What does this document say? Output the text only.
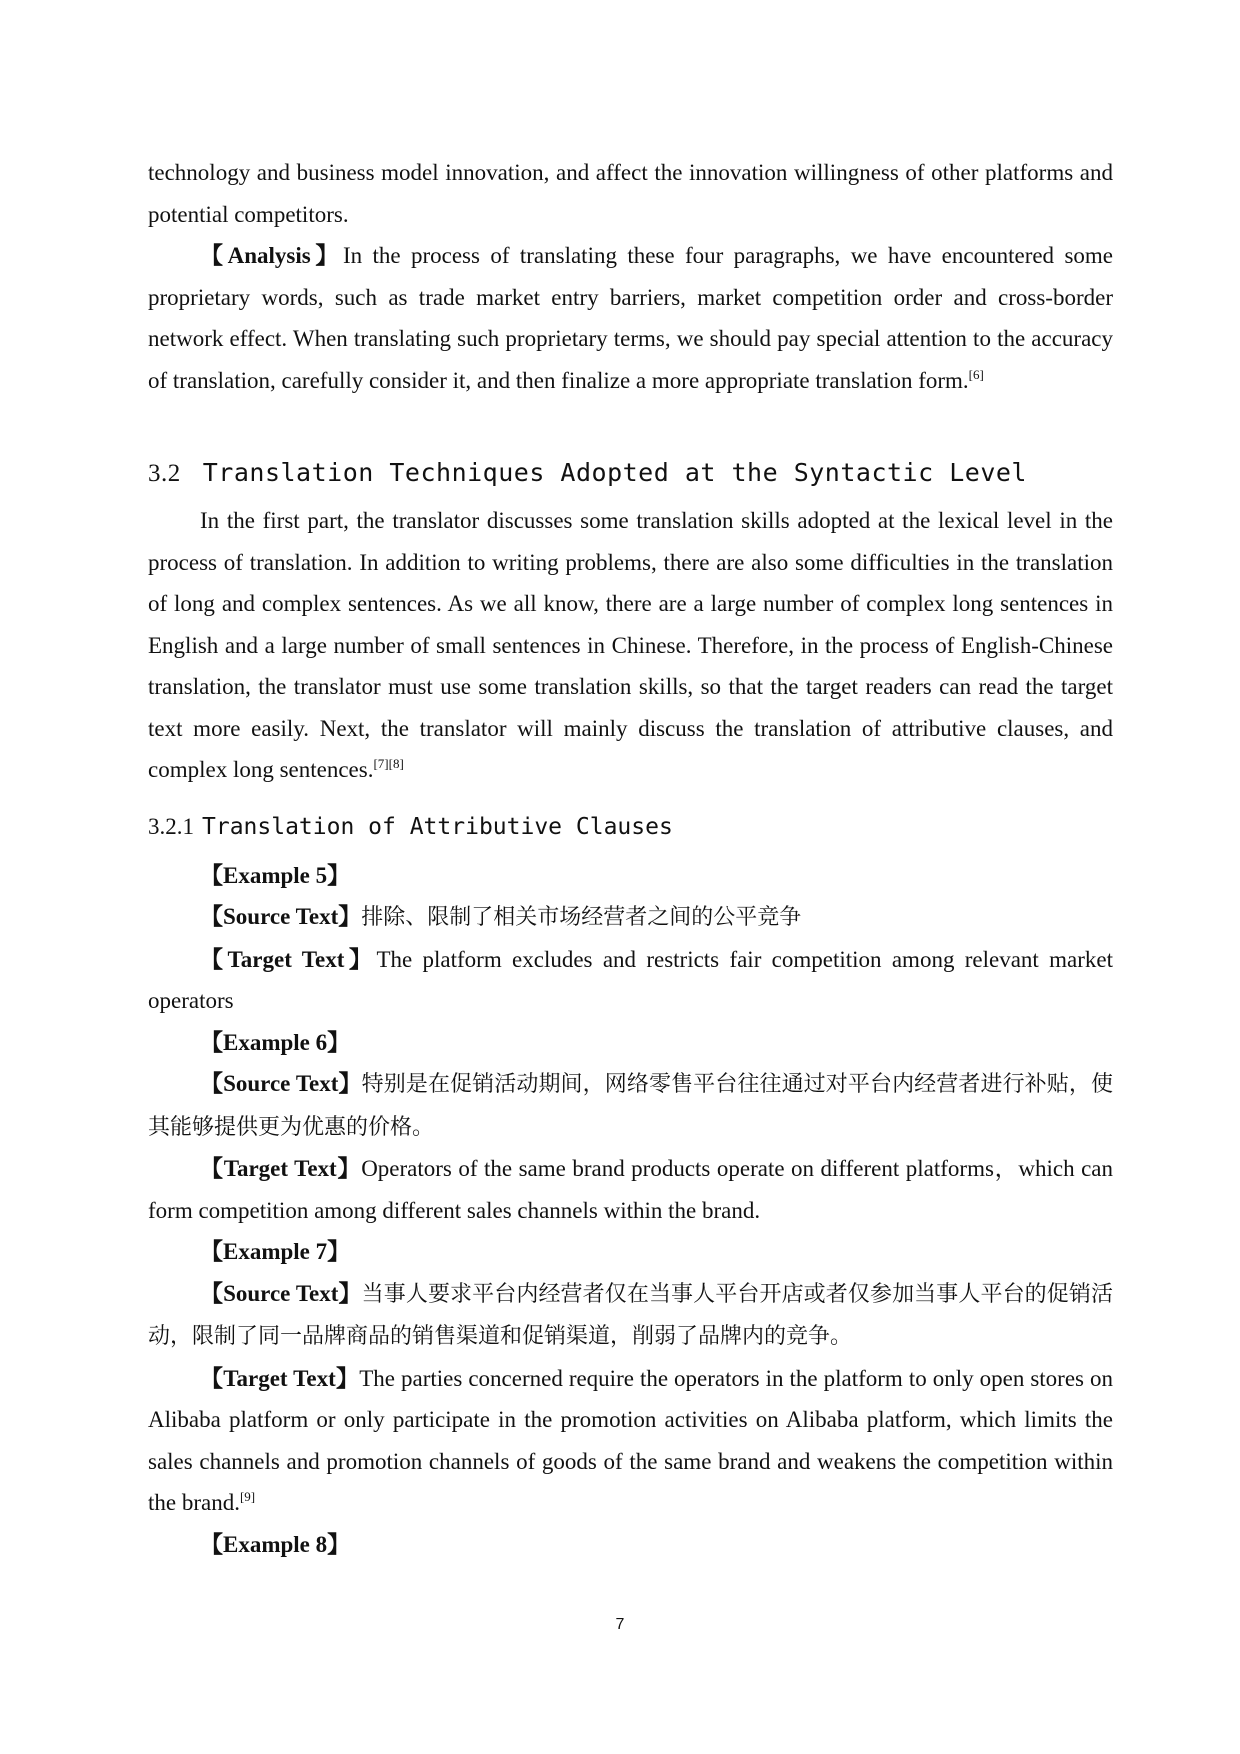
technology and business model innovation, and affect the innovation willingness of other platforms and potential competitors.

【Analysis】In the process of translating these four paragraphs, we have encountered some proprietary words, such as trade market entry barriers, market competition order and cross-border network effect. When translating such proprietary terms, we should pay special attention to the accuracy of translation, carefully consider it, and then finalize a more appropriate translation form.[6]

3.2 Translation Techniques Adopted at the Syntactic Level

In the first part, the translator discusses some translation skills adopted at the lexical level in the process of translation. In addition to writing problems, there are also some difficulties in the translation of long and complex sentences. As we all know, there are a large number of complex long sentences in English and a large number of small sentences in Chinese. Therefore, in the process of English-Chinese translation, the translator must use some translation skills, so that the target readers can read the target text more easily. Next, the translator will mainly discuss the translation of attributive clauses, and complex long sentences.[7][8]

3.2.1 Translation of Attributive Clauses

【Example 5】

【Source Text】排除、限制了相关市场经营者之间的公平竞争

【Target Text】The platform excludes and restricts fair competition among relevant market operators

【Example 6】

【Source Text】特别是在促销活动期间，网络零售平台往往通过对平台内经营者进行补贴，使其能够提供更为优惠的价格。

【Target Text】Operators of the same brand products operate on different platforms，which can form competition among different sales channels within the brand.

【Example 7】

【Source Text】当事人要求平台内经营者仅在当事人平台开店或者仅参加当事人平台的促销活动，限制了同一品牌商品的销售渠道和促销渠道，削弱了品牌内的竞争。

【Target Text】The parties concerned require the operators in the platform to only open stores on Alibaba platform or only participate in the promotion activities on Alibaba platform, which limits the sales channels and promotion channels of goods of the same brand and weakens the competition within the brand.[9]

【Example 8】

7
